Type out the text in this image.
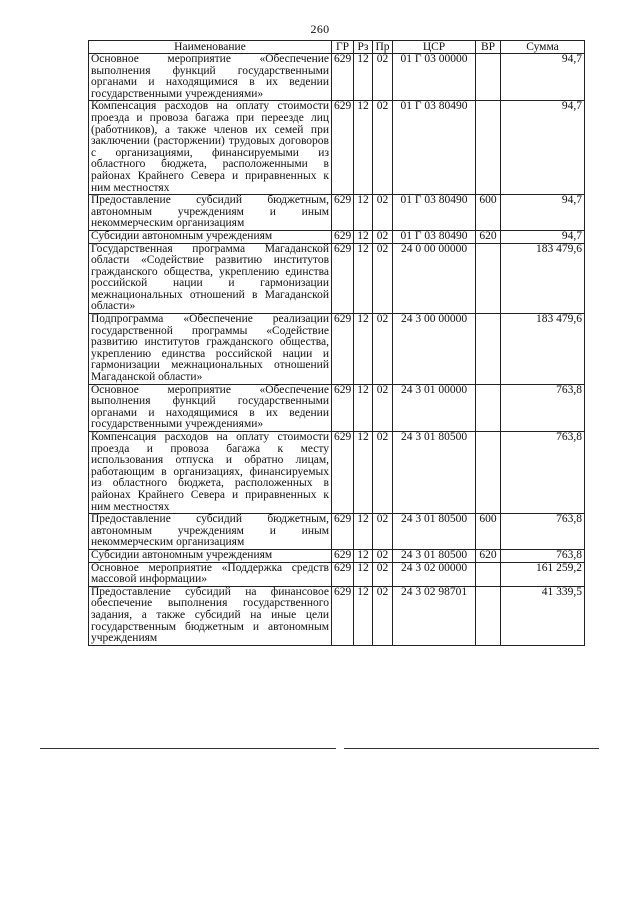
260
Наименование	ГР	Рз	Пр	ЦСР	ВР	Сумма
Основное мероприятие «Обеспечение выполнения функций государственными органами и находящимися в их ведении государственными учреждениями»	629	12	02	01 Г 03 00000		94,7
Компенсация расходов на оплату стоимости проезда и провоза багажа при переезде лиц (работников), а также членов их семей при заключении (расторжении) трудовых договоров с организациями, финансируемыми из областного бюджета, расположенными в районах Крайнего Севера и приравненных к ним местностях	629	12	02	01 Г 03 80490		94,7
Предоставление субсидий бюджетным, автономным учреждениям и иным некоммерческим организациям	629	12	02	01 Г 03 80490	600	94,7
Субсидии автономным учреждениям	629	12	02	01 Г 03 80490	620	94,7
Государственная программа Магаданской области «Содействие развитию институтов гражданского общества, укреплению единства российской нации и гармонизации межнациональных отношений в Магаданской области»	629	12	02	24 0 00 00000		183 479,6
Подпрограмма «Обеспечение реализации государственной программы «Содействие развитию институтов гражданского общества, укреплению единства российской нации и гармонизации межнациональных отношений Магаданской области»	629	12	02	24 3 00 00000		183 479,6
Основное мероприятие «Обеспечение выполнения функций государственными органами и находящимися в их ведении государственными учреждениями»	629	12	02	24 3 01 00000		763,8
Компенсация расходов на оплату стоимости проезда и провоза багажа к месту использования отпуска и обратно лицам, работающим в организациях, финансируемых из областного бюджета, расположенных в районах Крайнего Севера и приравненных к ним местностях	629	12	02	24 3 01 80500		763,8
Предоставление субсидий бюджетным, автономным учреждениям и иным некоммерческим организациям	629	12	02	24 3 01 80500	600	763,8
Субсидии автономным учреждениям	629	12	02	24 3 01 80500	620	763,8
Основное мероприятие «Поддержка средств массовой информации»	629	12	02	24 3 02 00000		161 259,2
Предоставление субсидий на финансовое обеспечение выполнения государственного задания, а также субсидий на иные цели государственным бюджетным и автономным учреждениям	629	12	02	24 3 02 98701		41 339,5
